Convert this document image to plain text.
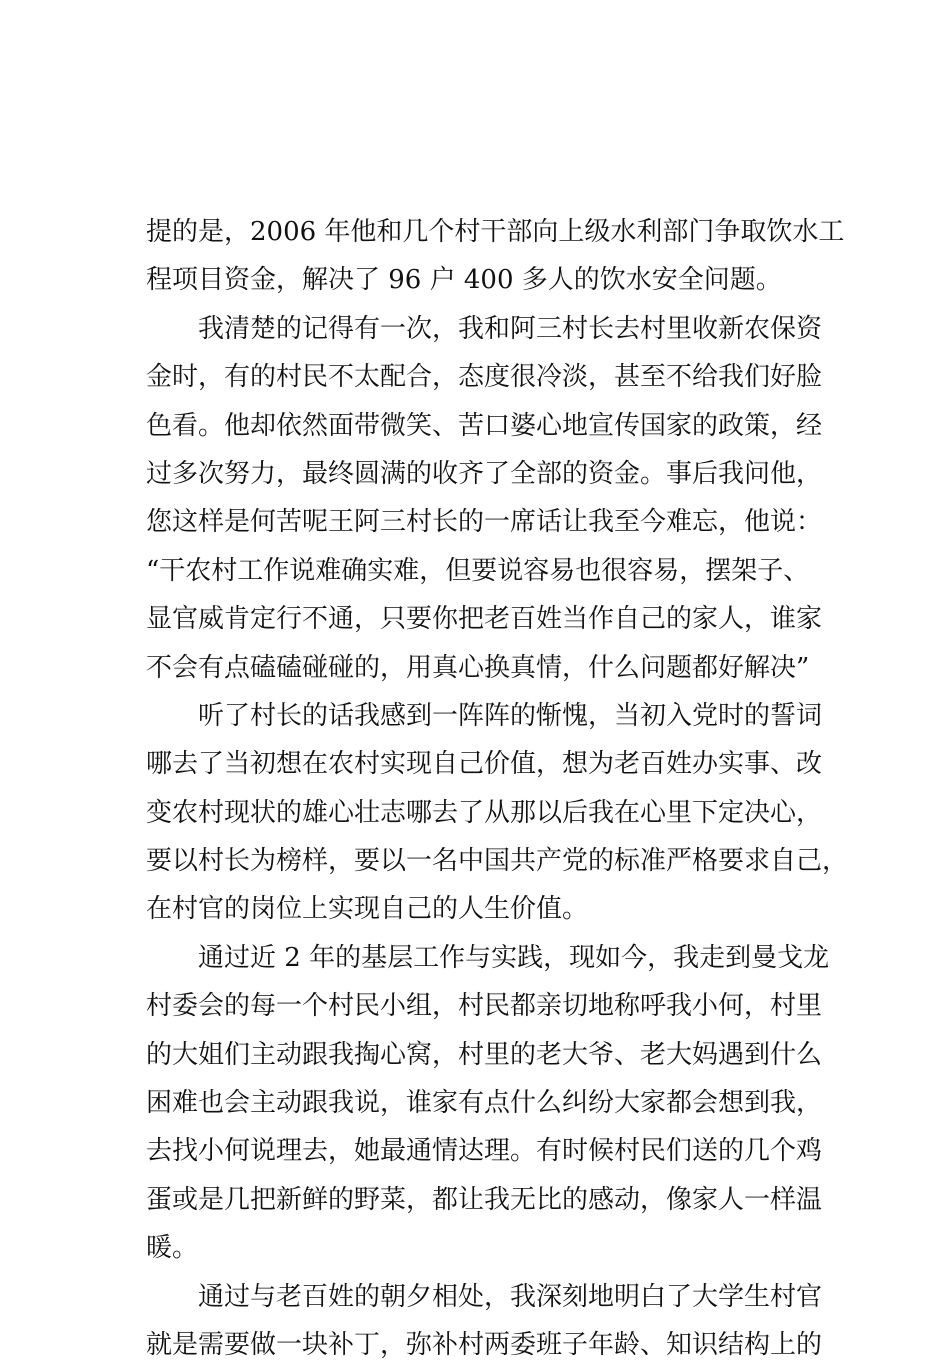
提的是，2006 年他和几个村干部向上级水利部门争取饮水工
程项目资金，解决了 96 户 400 多人的饮水安全问题。
我清楚的记得有一次，我和阿三村长去村里收新农保资
金时，有的村民不太配合，态度很冷淡，甚至不给我们好脸
色看。他却依然面带微笑、苦口婆心地宣传国家的政策，经
过多次努力，最终圆满的收齐了全部的资金。事后我问他，
您这样是何苦呢王阿三村长的一席话让我至今难忘，他说：
“干农村工作说难确实难，但要说容易也很容易，摆架子、
显官威肯定行不通，只要你把老百姓当作自己的家人，谁家
不会有点磕磕碰碰的，用真心换真情，什么问题都好解决”
听了村长的话我感到一阵阵的惭愧，当初入党时的誓词
哪去了当初想在农村实现自己价值，想为老百姓办实事、改
变农村现状的雄心壮志哪去了从那以后我在心里下定决心，
要以村长为榜样，要以一名中国共产党的标准严格要求自己，
在村官的岗位上实现自己的人生价值。
通过近 2 年的基层工作与实践，现如今，我走到曼戈龙
村委会的每一个村民小组，村民都亲切地称呼我小何，村里
的大姐们主动跟我掏心窝，村里的老大爷、老大妈遇到什么
困难也会主动跟我说，谁家有点什么纠纷大家都会想到我，
去找小何说理去，她最通情达理。有时候村民们送的几个鸡
蛋或是几把新鲜的野菜，都让我无比的感动，像家人一样温
暖。
通过与老百姓的朝夕相处，我深刻地明白了大学生村官
就是需要做一块补丁，弥补村两委班子年龄、知识结构上的
